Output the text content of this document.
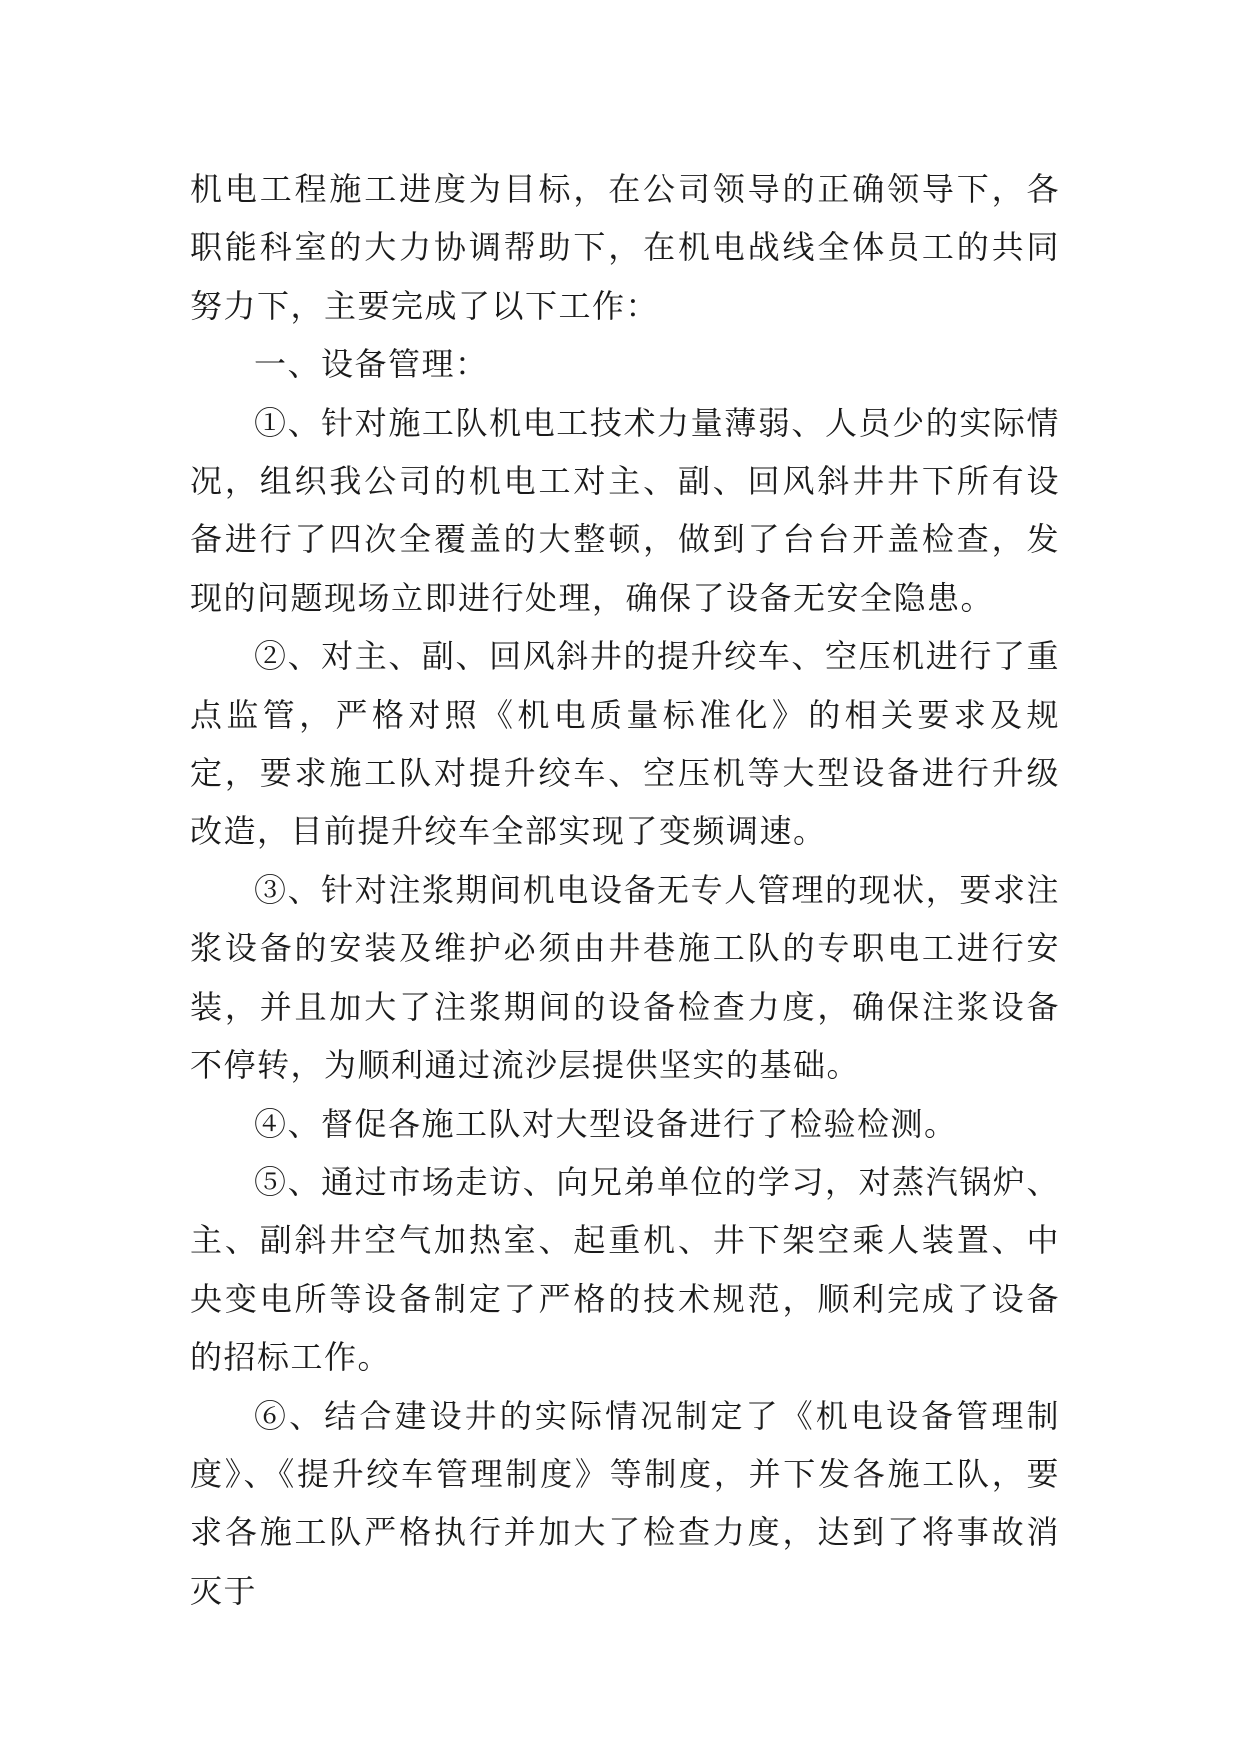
机电工程施工进度为目标，在公司领导的正确领导下，各职能科室的大力协调帮助下，在机电战线全体员工的共同努力下，主要完成了以下工作：

一、设备管理：

①、针对施工队机电工技术力量薄弱、人员少的实际情况，组织我公司的机电工对主、副、回风斜井井下所有设备进行了四次全覆盖的大整顿，做到了台台开盖检查，发现的问题现场立即进行处理，确保了设备无安全隐患。

②、对主、副、回风斜井的提升绞车、空压机进行了重点监管，严格对照《机电质量标准化》的相关要求及规定，要求施工队对提升绞车、空压机等大型设备进行升级改造，目前提升绞车全部实现了变频调速。

③、针对注浆期间机电设备无专人管理的现状，要求注浆设备的安装及维护必须由井巷施工队的专职电工进行安装，并且加大了注浆期间的设备检查力度，确保注浆设备不停转，为顺利通过流沙层提供坚实的基础。

④、督促各施工队对大型设备进行了检验检测。

⑤、通过市场走访、向兄弟单位的学习，对蒸汽锅炉、主、副斜井空气加热室、起重机、井下架空乘人装置、中央变电所等设备制定了严格的技术规范，顺利完成了设备的招标工作。

⑥、结合建设井的实际情况制定了《机电设备管理制度》、《提升绞车管理制度》等制度，并下发各施工队，要求各施工队严格执行并加大了检查力度，达到了将事故消灭于
